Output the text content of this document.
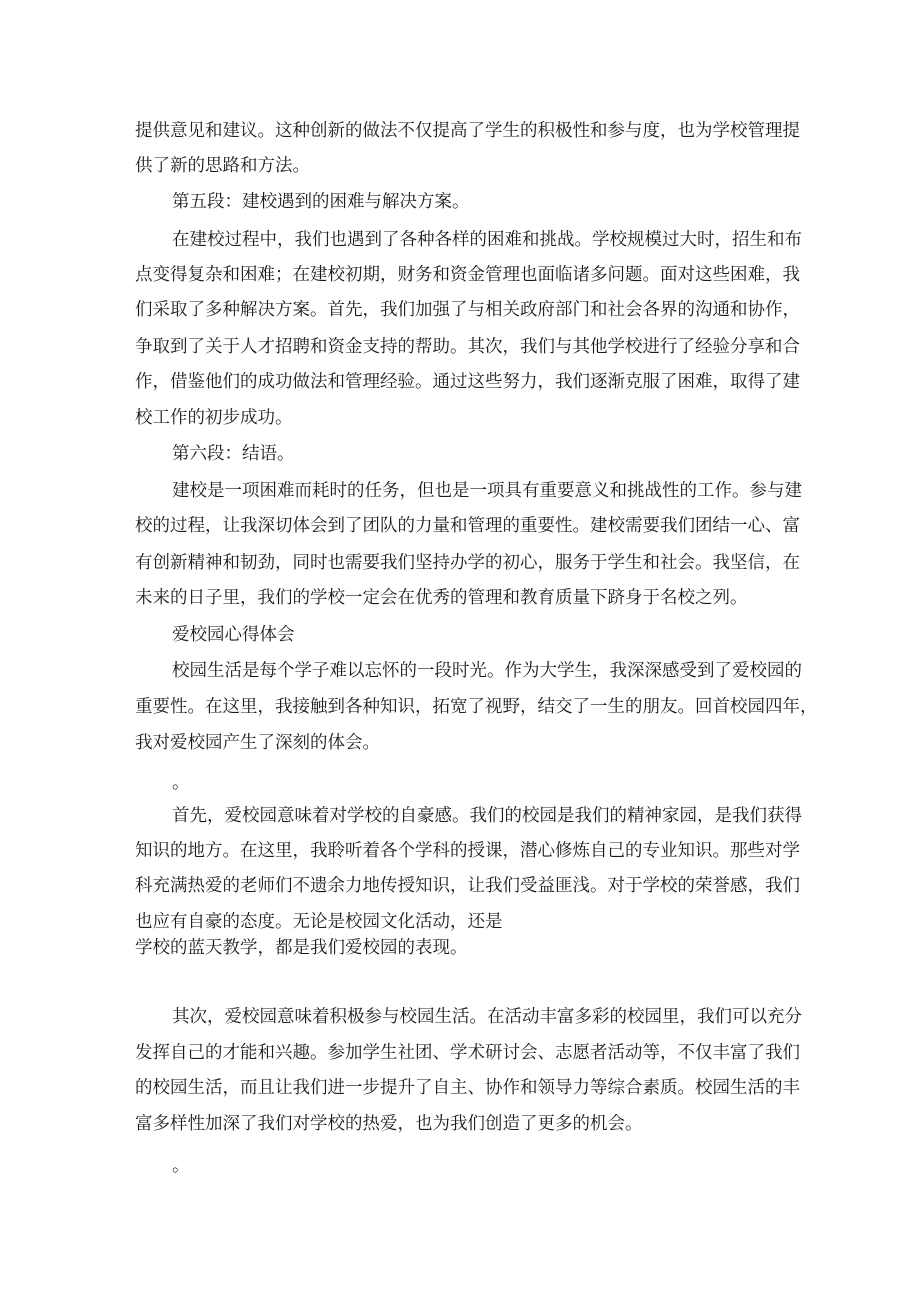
提供意见和建议。这种创新的做法不仅提高了学生的积极性和参与度，也为学校管理提
供了新的思路和方法。
第五段：建校遇到的困难与解决方案。
在建校过程中，我们也遇到了各种各样的困难和挑战。学校规模过大时，招生和布
点变得复杂和困难；在建校初期，财务和资金管理也面临诸多问题。面对这些困难，我
们采取了多种解决方案。首先，我们加强了与相关政府部门和社会各界的沟通和协作，
争取到了关于人才招聘和资金支持的帮助。其次，我们与其他学校进行了经验分享和合
作，借鉴他们的成功做法和管理经验。通过这些努力，我们逐渐克服了困难，取得了建
校工作的初步成功。
第六段：结语。
建校是一项困难而耗时的任务，但也是一项具有重要意义和挑战性的工作。参与建
校的过程，让我深切体会到了团队的力量和管理的重要性。建校需要我们团结一心、富
有创新精神和韧劲，同时也需要我们坚持办学的初心，服务于学生和社会。我坚信，在
未来的日子里，我们的学校一定会在优秀的管理和教育质量下跻身于名校之列。
爱校园心得体会
校园生活是每个学子难以忘怀的一段时光。作为大学生，我深深感受到了爱校园的
重要性。在这里，我接触到各种知识，拓宽了视野，结交了一生的朋友。回首校园四年，
我对爱校园产生了深刻的体会。
。
首先，爱校园意味着对学校的自豪感。我们的校园是我们的精神家园，是我们获得
知识的地方。在这里，我聆听着各个学科的授课，潜心修炼自己的专业知识。那些对学
科充满热爱的老师们不遗余力地传授知识，让我们受益匪浅。对于学校的荣誉感，我们
也应有自豪的态度。无论是校园文化活动，还是
学校的蓝天教学，都是我们爱校园的表现。
其次，爱校园意味着积极参与校园生活。在活动丰富多彩的校园里，我们可以充分
发挥自己的才能和兴趣。参加学生社团、学术研讨会、志愿者活动等，不仅丰富了我们
的校园生活，而且让我们进一步提升了自主、协作和领导力等综合素质。校园生活的丰
富多样性加深了我们对学校的热爱，也为我们创造了更多的机会。
。
